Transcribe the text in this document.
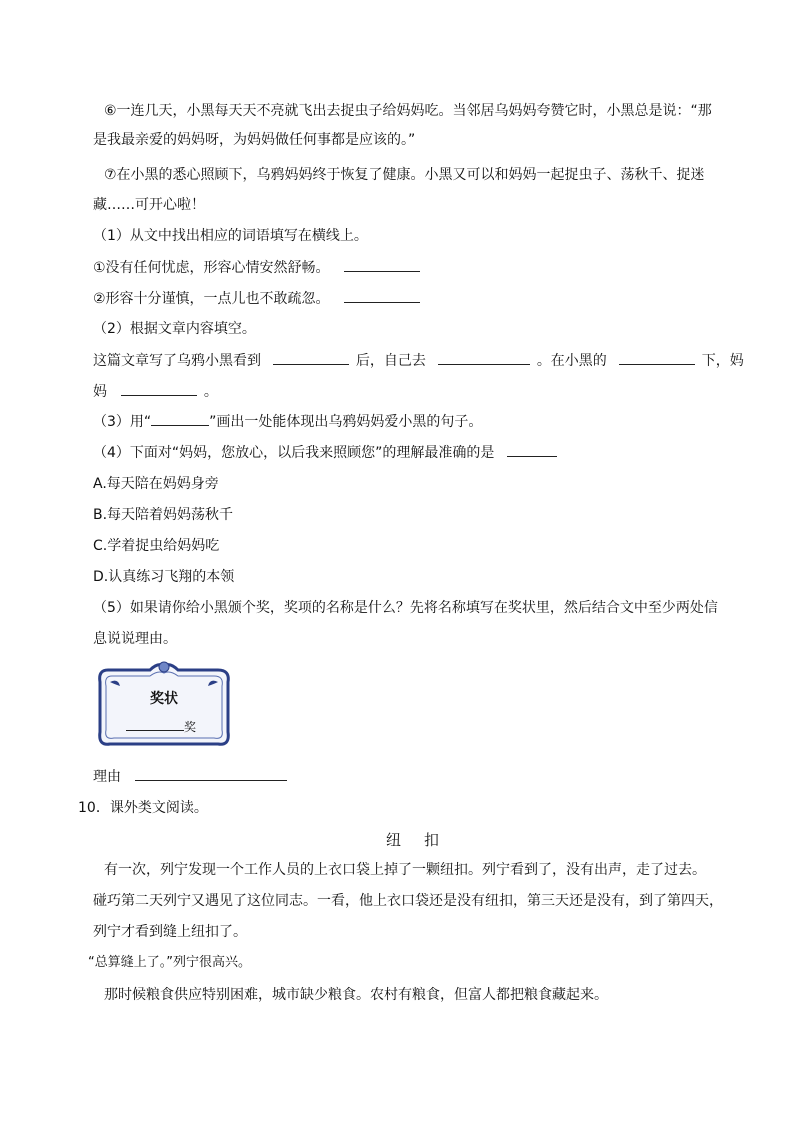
⑥一连几天，小黑每天天不亮就飞出去捉虫子给妈妈吃。当邻居乌妈妈夸赞它时，小黑总是说：“那
是我最亲爱的妈妈呀，为妈妈做任何事都是应该的。”
⑦在小黑的悉心照顾下，乌鸦妈妈终于恢复了健康。小黑又可以和妈妈一起捉虫子、荡秋千、捉迷
藏……可开心啦！
（1）从文中找出相应的词语填写在横线上。
①没有任何忧虑，形容心情安然舒畅。
②形容十分谨慎，一点儿也不敢疏忽。
（2）根据文章内容填空。
这篇文章写了乌鸦小黑看到	后，自己去	。在小黑的	下，妈
妈	。
（3）用“	”画出一处能体现出乌鸦妈妈爱小黑的句子。
（4）下面对“妈妈，您放心，以后我来照顾您”的理解最准确的是
A.每天陪在妈妈身旁
B.每天陪着妈妈荡秋千
C.学着捉虫给妈妈吃
D.认真练习飞翔的本领
（5）如果请你给小黑颁个奖，奖项的名称是什么？先将名称填写在奖状里，然后结合文中至少两处信
息说说理由。
奖状
奖
理由
10．课外类文阅读。
纽　扣
有一次，列宁发现一个工作人员的上衣口袋上掉了一颗纽扣。列宁看到了，没有出声，走了过去。
碰巧第二天列宁又遇见了这位同志。一看，他上衣口袋还是没有纽扣，第三天还是没有，到了第四天，
列宁才看到缝上纽扣了。
“总算缝上了。”列宁很高兴。
那时候粮食供应特别困难，城市缺少粮食。农村有粮食，但富人都把粮食藏起来。
